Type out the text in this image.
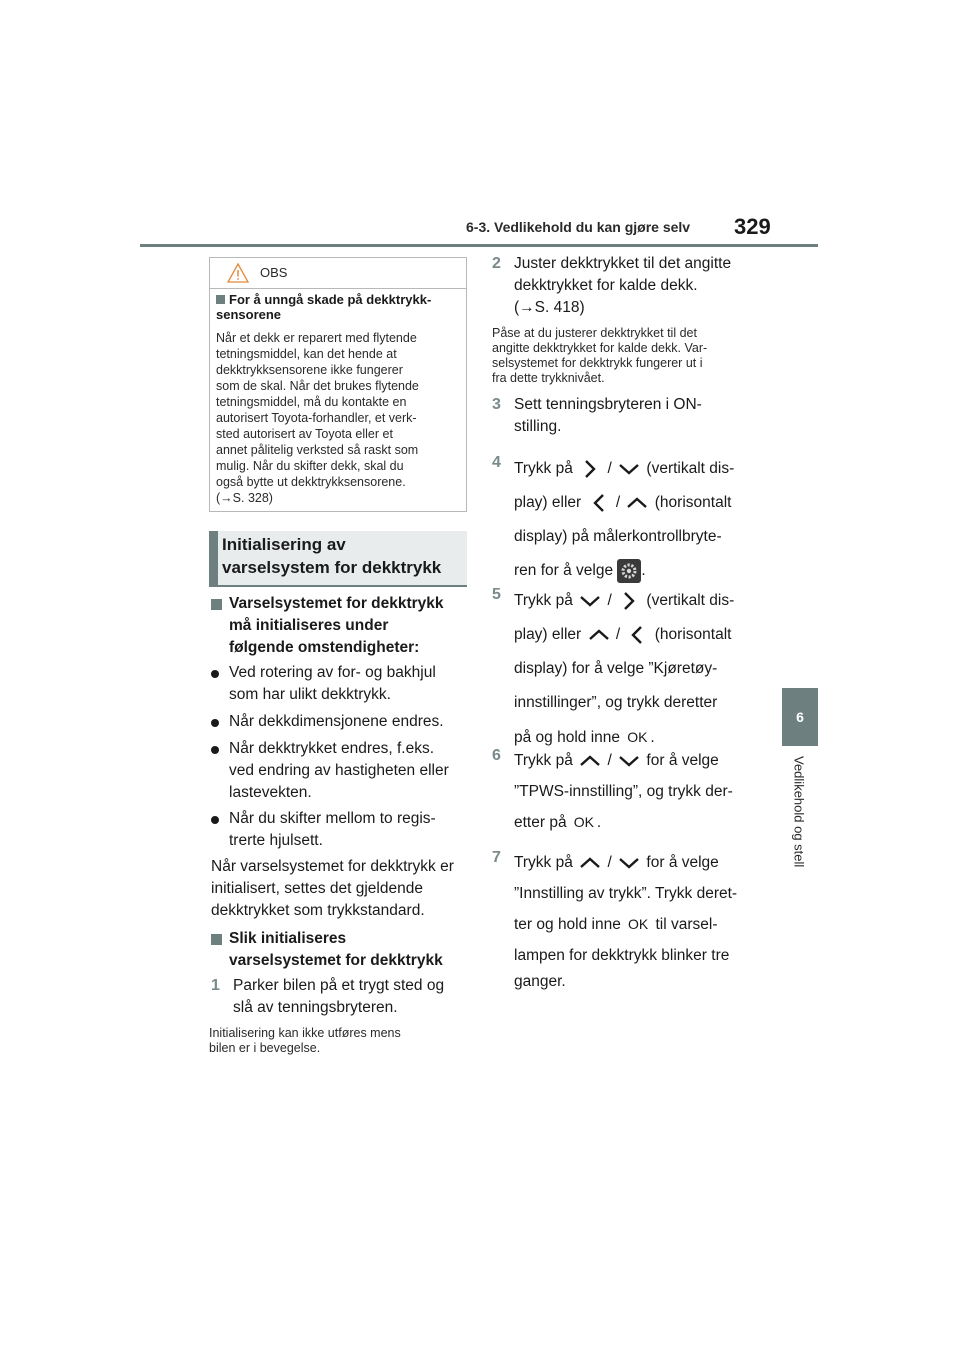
6-3. Vedlikehold du kan gjøre selv 329
6
Vedlikehold og stell
OBS
For å unngå skade på dekktrykk-sensorene
Når et dekk er reparert med flytende
tetningsmiddel, kan det hende at
dekktrykksensorene ikke fungerer
som de skal. Når det brukes flytende
tetningsmiddel, må du kontakte en
autorisert Toyota-forhandler, et verk-
sted autorisert av Toyota eller et
annet pålitelig verksted så raskt som
mulig. Når du skifter dekk, skal du
også bytte ut dekktrykksensorene.
(→S. 328)
Initialisering av
varselsystem for dekktrykk
Varselsystemet for dekktrykk
må initialiseres under
følgende omstendigheter:
Ved rotering av for- og bakhjul
som har ulikt dekktrykk.
Når dekkdimensjonene endres.
Når dekktrykket endres, f.eks.
ved endring av hastigheten eller
lastevekten.
Når du skifter mellom to regis-
trerte hjulsett.
Når varselsystemet for dekktrykk er
initialisert, settes det gjeldende
dekktrykket som trykkstandard.
Slik initialiseres
varselsystemet for dekktrykk
1 Parker bilen på et trygt sted og
slå av tenningsbryteren.
Initialisering kan ikke utføres mens
bilen er i bevegelse.
2 Juster dekktrykket til det angitte
dekktrykket for kalde dekk.
(→S. 418)
Påse at du justerer dekktrykket til det
angitte dekktrykket for kalde dekk. Var-
selsystemet for dekktrykk fungerer ut i
fra dette trykknivået.
3 Sett tenningsbryteren i ON-
stilling.
4 Trykk på / (vertikalt dis-
play) eller / (horisontalt
display) på målerkontrollbryte-
ren for å velge .
5 Trykk på / (vertikalt dis-
play) eller / (horisontalt
display) for å velge ”Kjøretøy-
innstillinger”, og trykk deretter
på og hold inne OK .
6 Trykk på / for å velge
”TPWS-innstilling”, og trykk der-
etter på OK .
7 Trykk på / for å velge
”Innstilling av trykk”. Trykk deret-
ter og hold inne OK til varsel-
lampen for dekktrykk blinker tre
ganger.
